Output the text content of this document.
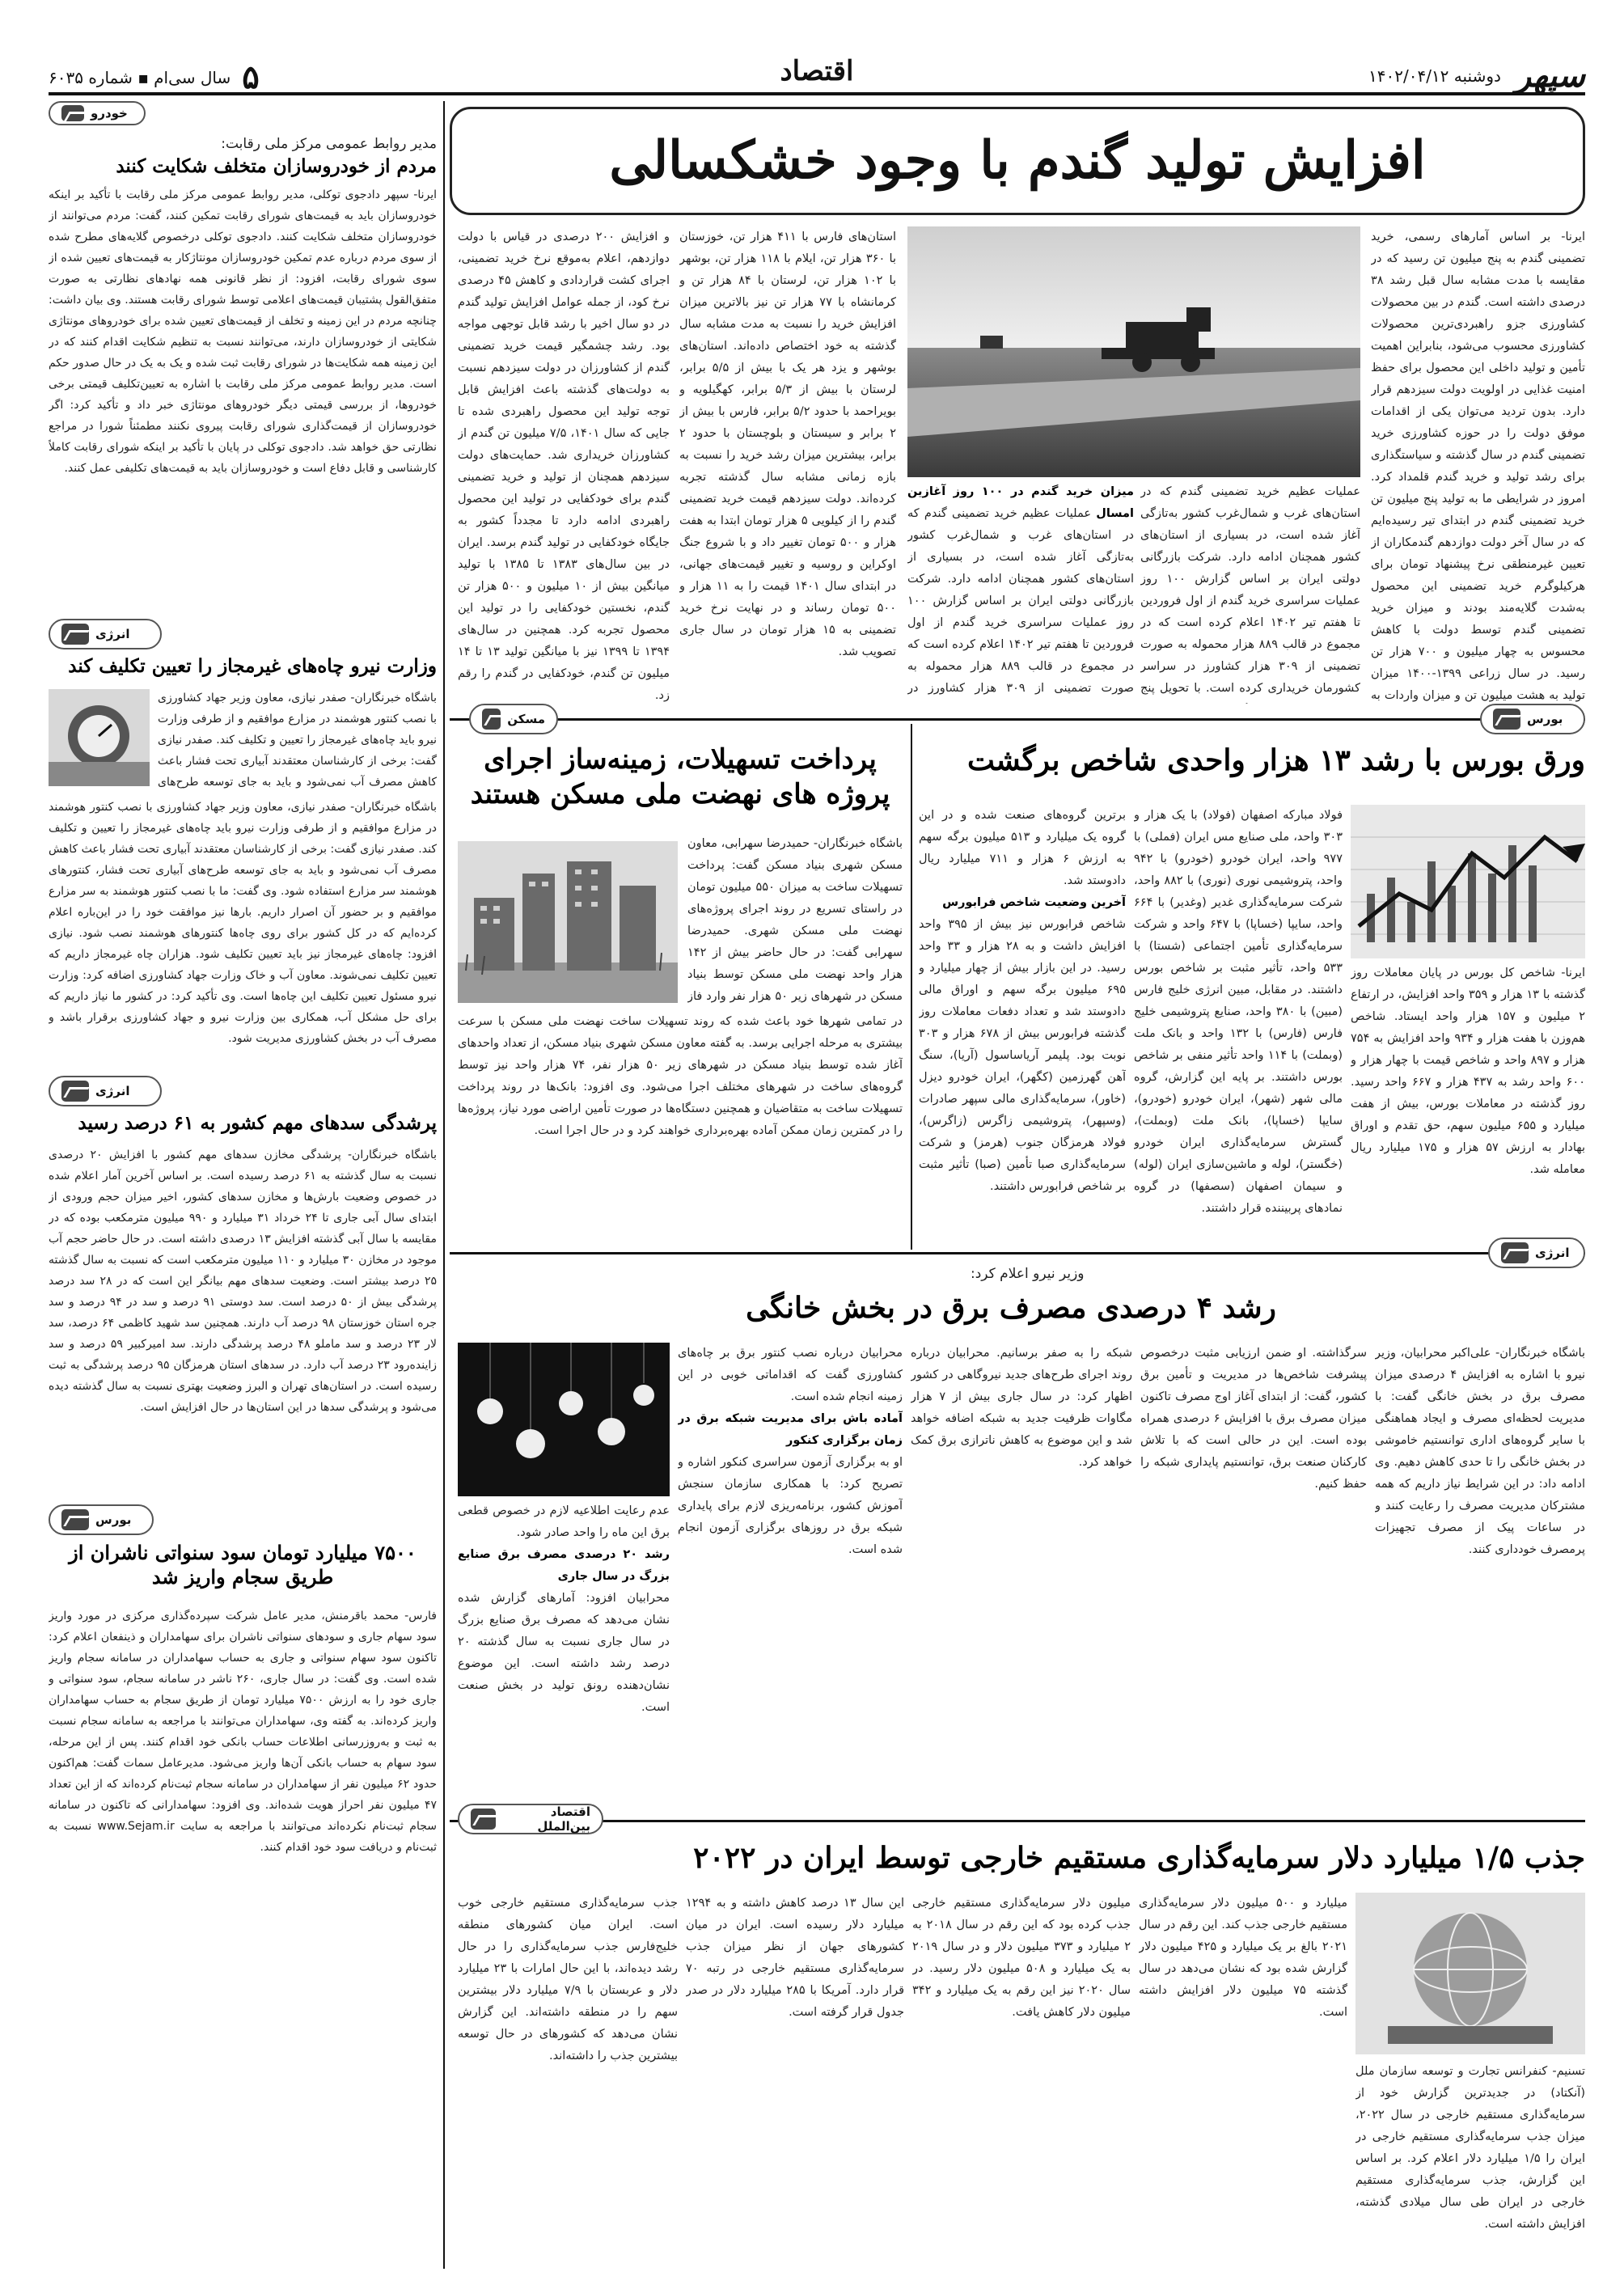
سپهر
دوشنبه ۱۴۰۲/۰۴/۱۲
اقتصاد
۵
سال سی‌ام ▪ شماره ۶۰۳۵
افزایش تولید گندم با وجود خشکسالی
ایرنا- بر اساس آمارهای رسمی، خرید تضمینی گندم به پنج میلیون تن رسید که در مقایسه با مدت مشابه سال قبل رشد ۳۸ درصدی داشته است. گندم در بین محصولات کشاورزی جزو راهبردی‌ترین محصولات کشاورزی محسوب می‌شود، بنابراین اهمیت تأمین و تولید داخلی این محصول برای حفظ امنیت غذایی در اولویت دولت سیزدهم قرار دارد. بدون تردید می‌توان یکی از اقدامات موفق دولت را در حوزه کشاورزی خرید تضمینی گندم در سال گذشته و سیاستگذاری برای رشد تولید و خرید گندم قلمداد کرد. امروز در شرایطی ما به تولید پنج میلیون تن خرید تضمینی گندم در ابتدای تیر رسیده‌ایم که در سال آخر دولت دوازدهم گندمکاران از تعیین غیرمنطقی نرخ پیشنهاد تومان برای هرکیلوگرم خرید تضمینی این محصول به‌شدت گلایه‌مند بودند و میزان خرید تضمینی گندم توسط دولت با کاهش محسوس به چهار میلیون و ۷۰۰ هزار تن رسید. در سال زراعی ۱۳۹۹-۱۴۰۰ میزان تولید به هشت میلیون تن و میزان واردات به
میزان خرید گندم در ۱۰۰ روز آغازین امسال عملیات عظیم خرید تضمینی گندم که در استان‌های غرب و شمال‌غرب کشور به‌تازگی آغاز شده است، در بسیاری از استان‌های کشور همچنان ادامه دارد. شرکت بازرگانی دولتی ایران بر اساس گزارش ۱۰۰ روز عملیات سراسری خرید گندم از اول فروردین تا هفتم تیر ۱۴۰۲ اعلام کرده است که در مجموع در قالب ۸۸۹ هزار محموله به صورت تضمینی از ۳۰۹ هزار کشاورز در
عملیات عظیم خرید تضمینی گندم که در استان‌های غرب و شمال‌غرب کشور به‌تازگی آغاز شده است، در بسیاری از استان‌های کشور همچنان ادامه دارد. شرکت بازرگانی دولتی ایران بر اساس گزارش ۱۰۰ روز عملیات سراسری خرید گندم از اول فروردین تا هفتم تیر ۱۴۰۲ اعلام کرده است که در مجموع در قالب ۸۸۹ هزار محموله به صورت تضمینی از ۳۰۹ هزار کشاورز در سراسر کشورمان خریداری کرده است. با تحویل پنج
استان‌های فارس با ۴۱۱ هزار تن، خوزستان با ۳۶۰ هزار تن، ایلام با ۱۱۸ هزار تن، بوشهر با ۱۰۲ هزار تن، لرستان با ۸۴ هزار تن و کرمانشاه با ۷۷ هزار تن نیز بالاترین میزان افزایش خرید را نسبت به مدت مشابه سال گذشته به خود اختصاص داده‌اند. استان‌های بوشهر و یزد هر یک با بیش از ۵/۵ برابر، لرستان با بیش از ۵/۳ برابر، کهگیلویه و بویراحمد با حدود ۵/۲ برابر، فارس با بیش از ۲ برابر و سیستان و بلوچستان با حدود ۲ برابر، بیشترین میزان رشد خرید را نسبت به بازه زمانی مشابه سال گذشته تجربه کرده‌اند. دولت سیزدهم قیمت خرید تضمینی گندم را از کیلویی ۵ هزار تومان ابتدا به هفت هزار و ۵۰۰ تومان تغییر داد و با شروع جنگ اوکراین و روسیه و تغییر قیمت‌های جهانی، در ابتدای سال ۱۴۰۱ قیمت را به ۱۱ هزار و ۵۰۰ تومان رساند و در نهایت نرخ خرید تضمینی به ۱۵ هزار تومان در سال جاری تصویب شد.
و افزایش ۲۰۰ درصدی در قیاس با دولت دوازدهم، اعلام به‌موقع نرخ خرید تضمینی، اجرای کشت قراردادی و کاهش ۴۵ درصدی نرخ کود، از جمله عوامل افزایش تولید گندم در دو سال اخیر با رشد قابل توجهی مواجه بود. رشد چشمگیر قیمت خرید تضمینی گندم از کشاورزان در دولت سیزدهم نسبت به دولت‌های گذشته باعث افزایش قابل توجه تولید این محصول راهبردی شده تا جایی که سال ۱۴۰۱، ۷/۵ میلیون تن گندم از کشاورزان خریداری شد. حمایت‌های دولت سیزدهم همچنان از تولید و خرید تضمینی گندم برای خودکفایی در تولید این محصول راهبردی ادامه دارد تا مجدداً کشور به جایگاه خودکفایی در تولید گندم برسد. ایران در بین سال‌های ۱۳۸۳ تا ۱۳۸۵ با تولید میانگین بیش از ۱۰ میلیون و ۵۰۰ هزار تن گندم، نخستین خودکفایی را در تولید این محصول تجربه کرد. همچنین در سال‌های ۱۳۹۴ تا ۱۳۹۹ نیز با میانگین تولید ۱۳ تا ۱۴ میلیون تن گندم، خودکفایی در گندم را رقم زد.
بورس
ورق بورس با رشد ۱۳ هزار واحدی شاخص برگشت
ایرنا- شاخص کل بورس در پایان معاملات روز گذشته با ۱۳ هزار و ۳۵۹ واحد افزایش، در ارتفاع ۲ میلیون و ۱۵۷ هزار واحد ایستاد. شاخص هم‌وزن با هفت هزار و ۹۳۴ واحد افزایش به ۷۵۴ هزار و ۸۹۷ واحد و شاخص قیمت با چهار هزار و ۶۰۰ واحد رشد به ۴۳۷ هزار و ۶۶۷ واحد رسید. روز گذشته در معاملات بورس، بیش از هفت میلیارد و ۶۵۵ میلیون سهم، حق تقدم و اوراق بهادار به ارزش ۵۷ هزار و ۱۷۵ میلیارد ریال معامله شد.
فولاد مبارکه اصفهان (فولاد) با یک هزار و ۳۰۳ واحد، ملی صنایع مس ایران (فملی) با ۹۷۷ واحد، ایران خودرو (خودرو) با ۹۴۲ واحد، پتروشیمی نوری (نوری) با ۸۸۲ واحد، شرکت سرمایه‌گذاری غدیر (وغدیر) با ۶۶۴ واحد، سایپا (خساپا) با ۶۴۷ واحد و شرکت سرمایه‌گذاری تأمین اجتماعی (شستا) با ۵۳۳ واحد، تأثیر مثبت بر شاخص بورس داشتند. در مقابل، مبین انرژی خلیج فارس (مبین) با ۳۸۰ واحد، صنایع پتروشیمی خلیج فارس (فارس) با ۱۳۲ واحد و بانک ملت (وبملت) با ۱۱۴ واحد تأثیر منفی بر شاخص بورس داشتند. بر پایه این گزارش، گروه مالی شهر (شهر)، ایران خودرو (خودرو)، سایپا (خساپا)، بانک ملت (وبملت)، گسترش سرمایه‌گذاری ایران خودرو (خگستر)، لوله و ماشین‌سازی ایران (لوله) و سیمان اصفهان (سصفها) در گروه نمادهای پربیننده قرار داشتند.
برترین گروه‌های صنعت شده و در این گروه یک میلیارد و ۵۱۳ میلیون برگه سهم به ارزش ۶ هزار و ۷۱۱ میلیارد ریال دادوستد شد.
آخرین وضعیت شاخص فرابورس
شاخص فرابورس نیز بیش از ۳۹۵ واحد افزایش داشت و به ۲۸ هزار و ۳۳ واحد رسید. در این بازار بیش از چهار میلیارد و ۶۹۵ میلیون برگه سهم و اوراق مالی دادوستد شد و تعداد دفعات معاملات روز گذشته فرابورس بیش از ۶۷۸ هزار و ۳۰۳ نوبت بود. پلیمر آریاساسول (آریا)، سنگ آهن گهرزمین (کگهر)، ایران خودرو دیزل (خاور)، سرمایه‌گذاری مالی سپهر صادرات (وسپهر)، پتروشیمی زاگرس (زاگرس)، فولاد هرمزگان جنوب (هرمز) و شرکت سرمایه‌گذاری صبا تأمین (صبا) تأثیر مثبت بر شاخص فرابورس داشتند.
مسکن
پرداخت تسهیلات، زمینه‌ساز اجرای پروژه های نهضت ملی مسکن هستند
باشگاه خبرنگاران- حمیدرضا سهرابی، معاون مسکن شهری بنیاد مسکن گفت: پرداخت تسهیلات ساخت به میزان ۵۵۰ میلیون تومان در راستای تسریع در روند اجرای پروژه‌های نهضت ملی مسکن شهری. حمیدرضا سهرابی گفت: در حال حاضر بیش از ۱۴۲ هزار واحد نهضت ملی مسکن توسط بنیاد مسکن در شهرهای زیر ۵۰ هزار نفر وارد فاز
در تمامی شهرها خود باعث شده که روند تسهیلات ساخت نهضت ملی مسکن با سرعت بیشتری به مرحله اجرایی برسد. به گفته معاون مسکن شهری بنیاد مسکن، از تعداد واحدهای آغاز شده توسط بنیاد مسکن در شهرهای زیر ۵۰ هزار نفر، ۷۴ هزار واحد نیز توسط گروه‌های ساخت در شهرهای مختلف اجرا می‌شود. وی افزود: بانک‌ها در روند پرداخت تسهیلات ساخت به متقاضیان و همچنین دستگاه‌ها در صورت تأمین اراضی مورد نیاز، پروژه‌ها را در کمترین زمان ممکن آماده بهره‌برداری خواهند کرد و در حال اجرا است.
خودرو
مدیر روابط عمومی مرکز ملی رقابت:
مردم از خودروسازان متخلف شکایت کنند
ایرنا- سپهر دادجوی توکلی، مدیر روابط عمومی مرکز ملی رقابت با تأکید بر اینکه خودروسازان باید به قیمت‌های شورای رقابت تمکین کنند، گفت: مردم می‌توانند از خودروسازان متخلف شکایت کنند. دادجوی توکلی درخصوص گلایه‌های مطرح شده از سوی مردم درباره عدم تمکین خودروسازان مونتاژکار به قیمت‌های تعیین شده از سوی شورای رقابت، افزود: از نظر قانونی همه نهادهای نظارتی به صورت متفق‌القول پشتیبان قیمت‌های اعلامی توسط شورای رقابت هستند. وی بیان داشت: چنانچه مردم در این زمینه و تخلف از قیمت‌های تعیین شده برای خودروهای مونتاژی شکایتی از خودروسازان دارند، می‌توانند نسبت به تنظیم شکایت اقدام کنند که در این زمینه همه شکایت‌ها در شورای رقابت ثبت شده و یک به یک در حال صدور حکم است. مدیر روابط عمومی مرکز ملی رقابت با اشاره به تعیین‌تکلیف قیمتی برخی خودروها، از بررسی قیمتی دیگر خودروهای مونتاژی خبر داد و تأکید کرد: اگر خودروسازان از قیمت‌گذاری شورای رقابت پیروی نکنند مطمئناً شورا در مراجع نظارتی حق خواهد شد. دادجوی توکلی در پایان با تأکید بر اینکه شورای رقابت کاملاً کارشناسی و قابل دفاع است و خودروسازان باید به قیمت‌های تکلیفی عمل کنند.
انرژی
وزارت نیرو چاه‌های غیرمجاز را تعیین تکلیف کند
باشگاه خبرنگاران- صفدر نیازی، معاون وزیر جهاد کشاورزی با نصب کنتور هوشمند در مزارع موافقیم و از طرفی وزارت نیرو باید چاه‌های غیرمجاز را تعیین و تکلیف کند. صفدر نیازی گفت: برخی از کارشناسان معتقدند آبیاری تحت فشار باعث کاهش مصرف آب نمی‌شود و باید به جای توسعه طرح‌های
باشگاه خبرنگاران- صفدر نیازی، معاون وزیر جهاد کشاورزی با نصب کنتور هوشمند در مزارع موافقیم و از طرفی وزارت نیرو باید چاه‌های غیرمجاز را تعیین و تکلیف کند. صفدر نیازی گفت: برخی از کارشناسان معتقدند آبیاری تحت فشار باعث کاهش مصرف آب نمی‌شود و باید به جای توسعه طرح‌های آبیاری تحت فشار، کنتورهای هوشمند سر مزارع استفاده شود. وی گفت: ما با نصب کنتور هوشمند به سر مزارع موافقیم و بر حضور آن اصرار داریم. بارها نیز موافقت خود را در این‌باره اعلام کرده‌ایم که در کل کشور برای روی چاه‌ها کنتورهای هوشمند نصب شود. نیازی افزود: چاه‌های غیرمجاز نیز باید تعیین تکلیف شود. هزاران چاه غیرمجاز داریم که تعیین تکلیف نمی‌شوند. معاون آب و خاک وزارت جهاد کشاورزی اضافه کرد: وزارت نیرو مسئول تعیین تکلیف این چاه‌ها است. وی تأکید کرد: در کشور ما نیاز داریم که برای حل مشکل آب، همکاری بین وزارت نیرو و جهاد کشاورزی برقرار باشد و مصرف آب در بخش کشاورزی مدیریت شود.
انرژی
پرشدگی سدهای مهم کشور به ۶۱ درصد رسید
باشگاه خبرنگاران- پرشدگی مخازن سدهای مهم کشور با افزایش ۲۰ درصدی نسبت به سال گذشته به ۶۱ درصد رسیده است. بر اساس آخرین آمار اعلام شده در خصوص وضعیت بارش‌ها و مخازن سدهای کشور، اخیر میزان حجم ورودی از ابتدای سال آبی جاری تا ۲۴ خرداد ۳۱ میلیارد و ۹۹۰ میلیون مترمکعب بوده که در مقایسه با سال آبی گذشته افزایش ۱۳ درصدی داشته است. در حال حاضر حجم آب موجود در مخازن ۳۰ میلیارد و ۱۱۰ میلیون مترمکعب است که نسبت به سال گذشته ۲۵ درصد بیشتر است. وضعیت سدهای مهم بیانگر این است که در ۲۸ سد درصد پرشدگی بیش از ۵۰ درصد است. سد دوستی ۹۱ درصد و سد در ۹۴ درصد و سد جره استان خوزستان ۹۸ درصد آب دارند. همچنین سد شهید کاظمی ۶۴ درصد، سد لار ۲۳ درصد و سد ماملو ۴۸ درصد پرشدگی دارند. سد امیرکبیر ۵۹ درصد و سد زاینده‌رود ۲۳ درصد آب دارد. در سدهای استان هرمزگان ۹۵ درصد پرشدگی به ثبت رسیده است. در استان‌های تهران و البرز وضعیت بهتری نسبت به سال گذشته دیده می‌شود و پرشدگی سدها در این استان‌ها در حال افزایش است.
بورس
۷۵۰۰ میلیارد تومان سود سنواتی ناشران از طریق سجام واریز شد
فارس- محمد باقرمنش، مدیر عامل شرکت سپرده‌گذاری مرکزی در مورد واریز سود سهام جاری و سودهای سنواتی ناشران برای سهامداران و ذینفعان اعلام کرد: تاکنون سود سهام سنواتی و جاری به حساب سهامداران در سامانه سجام واریز شده است. وی گفت: در سال جاری، ۲۶۰ ناشر در سامانه سجام، سود سنواتی و جاری خود را به ارزش ۷۵۰۰ میلیارد تومان از طریق سجام به حساب سهامداران واریز کرده‌اند. به گفته وی، سهامداران می‌توانند با مراجعه به سامانه سجام نسبت به ثبت و به‌روزرسانی اطلاعات حساب بانکی خود اقدام کنند. پس از این مرحله، سود سهام به حساب بانکی آن‌ها واریز می‌شود. مدیرعامل سمات گفت: هم‌اکنون حدود ۶۲ میلیون نفر از سهامداران در سامانه سجام ثبت‌نام کرده‌اند که از این تعداد ۴۷ میلیون نفر احراز هویت شده‌اند. وی افزود: سهامدارانی که تاکنون در سامانه سجام ثبت‌نام نکرده‌اند می‌توانند با مراجعه به سایت www.Sejam.ir نسبت به ثبت‌نام و دریافت سود خود اقدام کنند.
انرژی
وزیر نیرو اعلام کرد:
رشد ۴ درصدی مصرف برق در بخش خانگی
باشگاه خبرنگاران- علی‌اکبر محرابیان، وزیر نیرو با اشاره به افزایش ۴ درصدی میزان مصرف برق در بخش خانگی گفت: با مدیریت لحظه‌ای مصرف و ایجاد هماهنگی با سایر گروه‌های اداری توانستیم خاموشی در بخش خانگی را تا حدی کاهش دهیم. وی ادامه داد: در این شرایط نیاز داریم که همه مشترکان مدیریت مصرف را رعایت کنند و در ساعات پیک از مصرف تجهیزات پرمصرف خودداری کنند.
سرگذاشته. او ضمن ارزیابی مثبت درخصوص پیشرفت شاخص‌ها در مدیریت و تأمین برق کشور، گفت: از ابتدای آغاز اوج مصرف تاکنون میزان مصرف برق با افزایش ۶ درصدی همراه بوده است. این در حالی است که با تلاش کارکنان صنعت برق، توانستیم پایداری شبکه را حفظ کنیم.
شبکه را به صفر برسانیم. محرابیان درباره روند اجرای طرح‌های جدید نیروگاهی در کشور اظهار کرد: در سال جاری بیش از ۷ هزار مگاوات ظرفیت جدید به شبکه اضافه خواهد شد و این موضوع به کاهش ناترازی برق کمک خواهد کرد.
محرابیان درباره نصب کنتور برق بر چاه‌های کشاورزی گفت که اقداماتی خوبی در این زمینه انجام شده است.
آماده باش برای مدیریت شبکه برق در زمان برگزاری کنکور
او به برگزاری آزمون سراسری کنکور اشاره و تصریح کرد: با همکاری سازمان سنجش آموزش کشور، برنامه‌ریزی لازم برای پایداری شبکه برق در روزهای برگزاری آزمون انجام شده است.
عدم رعایت اطلاعیه لازم در خصوص قطعی برق این ماه را واحد صادر شود.
رشد ۲۰ درصدی مصرف برق صنایع بزرگ در سال جاری
محرابیان افزود: آمارهای گزارش شده نشان می‌دهد که مصرف برق صنایع بزرگ در سال جاری نسبت به سال گذشته ۲۰ درصد رشد داشته است. این موضوع نشان‌دهنده رونق تولید در بخش صنعت است.
اقتصاد بین‌الملل
جذب ۱/۵ میلیارد دلار سرمایه‌گذاری مستقیم خارجی توسط ایران در ۲۰۲۲
تسنیم- کنفرانس تجارت و توسعه سازمان ملل (آنکتاد) در جدیدترین گزارش خود از سرمایه‌گذاری مستقیم خارجی در سال ۲۰۲۲، میزان جذب سرمایه‌گذاری مستقیم خارجی در ایران را ۱/۵ میلیارد دلار اعلام کرد. بر اساس این گزارش، جذب سرمایه‌گذاری مستقیم خارجی در ایران طی سال میلادی گذشته، افزایش داشته است.
میلیارد و ۵۰۰ میلیون دلار سرمایه‌گذاری مستقیم خارجی جذب کند. این رقم در سال ۲۰۲۱ بالغ بر یک میلیارد و ۴۲۵ میلیون دلار گزارش شده بود که نشان می‌دهد در سال گذشته ۷۵ میلیون دلار افزایش داشته است.
میلیون دلار سرمایه‌گذاری مستقیم خارجی جذب کرده بود که این رقم در سال ۲۰۱۸ به ۲ میلیارد و ۳۷۳ میلیون دلار و در سال ۲۰۱۹ به یک میلیارد و ۵۰۸ میلیون دلار رسید. در سال ۲۰۲۰ نیز این رقم به یک میلیارد و ۳۴۲ میلیون دلار کاهش یافت.
این سال ۱۳ درصد کاهش داشته و به ۱۲۹۴ میلیارد دلار رسیده است. ایران در میان کشورهای جهان از نظر میزان جذب سرمایه‌گذاری مستقیم خارجی در رتبه ۷۰ قرار دارد. آمریکا با ۲۸۵ میلیارد دلار در صدر جدول قرار گرفته است.
جذب سرمایه‌گذاری مستقیم خارجی خوب است. ایران میان کشورهای منطقه خلیج‌فارس جذب سرمایه‌گذاری را در حال رشد دیده‌اند، با این حال امارات با ۲۳ میلیارد دلار و عربستان با ۷/۹ میلیارد دلار بیشترین سهم را در منطقه داشته‌اند. این گزارش نشان می‌دهد که کشورهای در حال توسعه بیشترین جذب را داشته‌اند.
